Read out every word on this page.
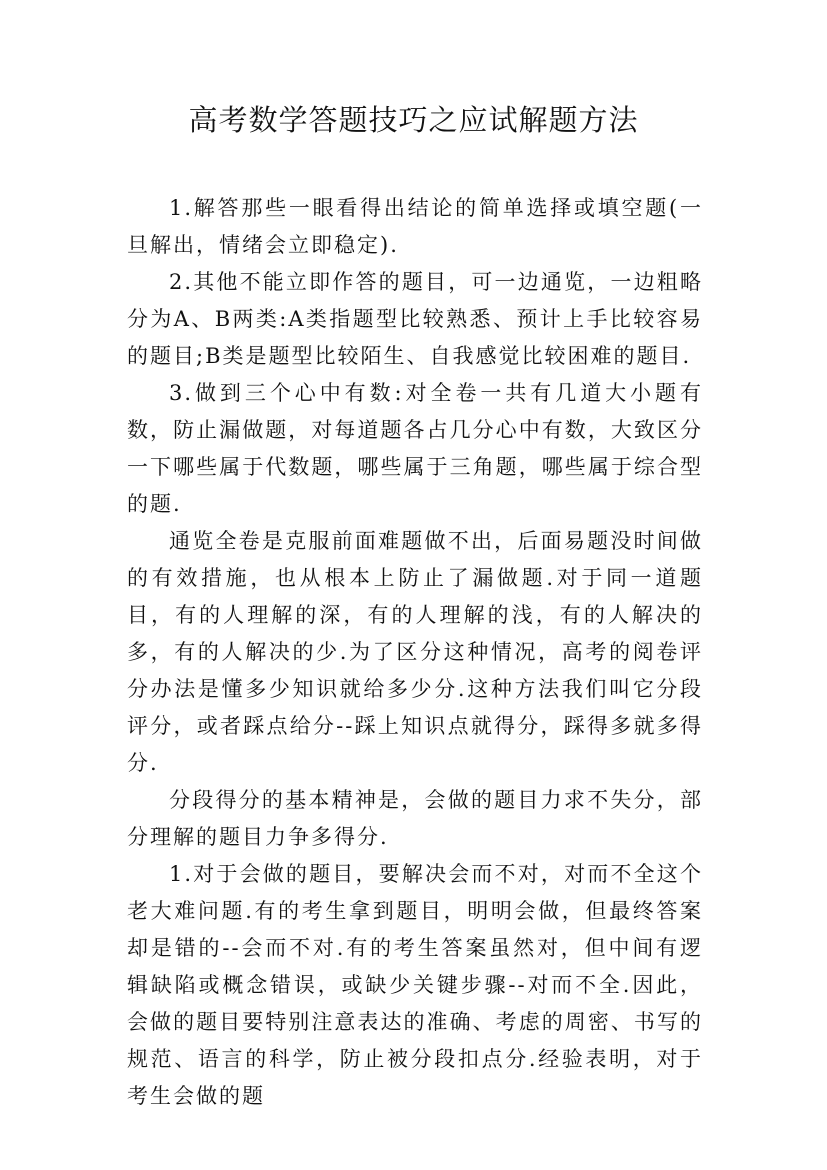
高考数学答题技巧之应试解题方法

1.解答那些一眼看得出结论的简单选择或填空题(一旦解出，情绪会立即稳定).

2.其他不能立即作答的题目，可一边通览，一边粗略分为A、B两类:A类指题型比较熟悉、预计上手比较容易的题目;B类是题型比较陌生、自我感觉比较困难的题目.

3.做到三个心中有数:对全卷一共有几道大小题有数，防止漏做题，对每道题各占几分心中有数，大致区分一下哪些属于代数题，哪些属于三角题，哪些属于综合型的题.

通览全卷是克服前面难题做不出，后面易题没时间做的有效措施，也从根本上防止了漏做题.对于同一道题目，有的人理解的深，有的人理解的浅，有的人解决的多，有的人解决的少.为了区分这种情况，高考的阅卷评分办法是懂多少知识就给多少分.这种方法我们叫它分段评分，或者踩点给分--踩上知识点就得分，踩得多就多得分.

分段得分的基本精神是，会做的题目力求不失分，部分理解的题目力争多得分.

1.对于会做的题目，要解决会而不对，对而不全这个老大难问题.有的考生拿到题目，明明会做，但最终答案却是错的--会而不对.有的考生答案虽然对，但中间有逻辑缺陷或概念错误，或缺少关键步骤--对而不全.因此，会做的题目要特别注意表达的准确、考虑的周密、书写的规范、语言的科学，防止被分段扣点分.经验表明，对于考生会做的题
